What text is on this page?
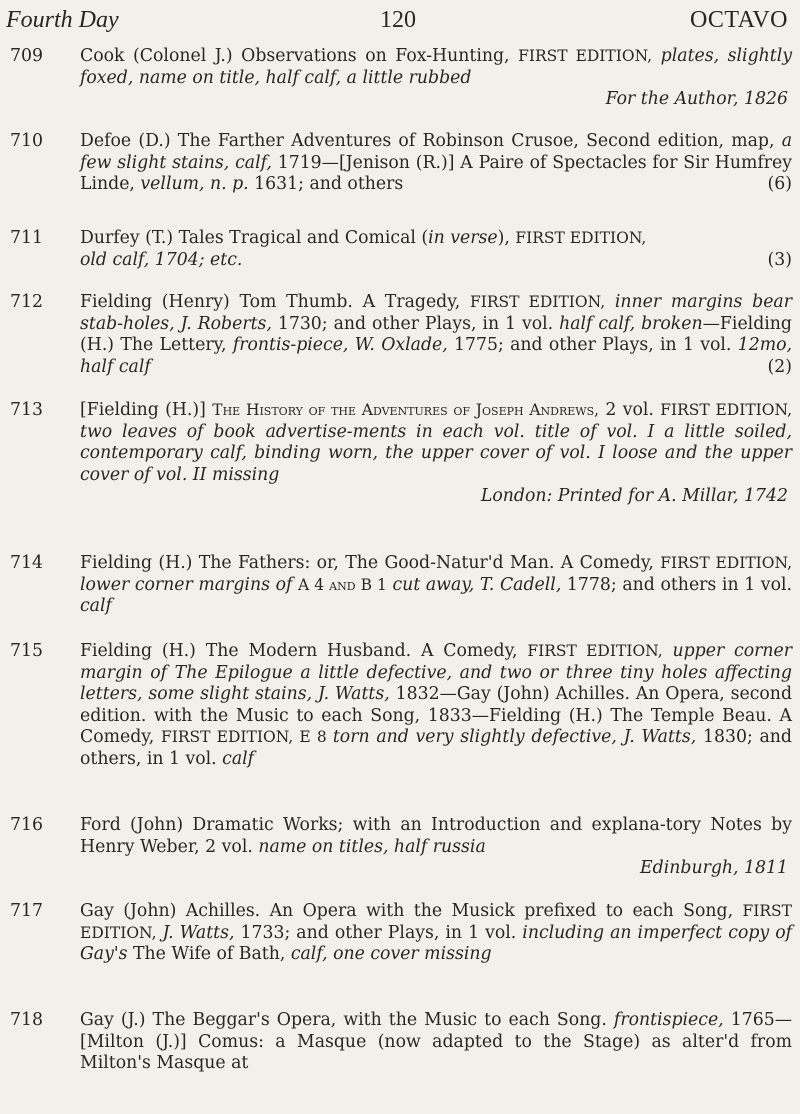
Fourth Day	120	OCTAVO
709	Cook (Colonel J.) Observations on Fox-Hunting, FIRST EDITION, plates, slightly foxed, name on title, half calf, a little rubbed
For the Author, 1826
710	Defoe (D.) The Farther Adventures of Robinson Crusoe, Second edition, map, a few slight stains, calf, 1719—[Jenison (R.)] A Paire of Spectacles for Sir Humfrey Linde, vellum, n. p. 1631; and others	(6)
711	Durfey (T.) Tales Tragical and Comical (in verse), FIRST EDITION,
old calf, 1704; etc.	(3)
712	Fielding (Henry) Tom Thumb. A Tragedy, FIRST EDITION, inner margins bear stab-holes, J. Roberts, 1730; and other Plays, in 1 vol. half calf, broken—Fielding (H.) The Lettery, frontis-piece, W. Oxlade, 1775; and other Plays, in 1 vol. 12mo, half calf	(2)
713	[Fielding (H.)] The History of the Adventures of Joseph Andrews, 2 vol. FIRST EDITION, two leaves of book advertise-ments in each vol. title of vol. I a little soiled, contemporary calf, binding worn, the upper cover of vol. I loose and the upper cover of vol. II missing
London: Printed for A. Millar, 1742
714	Fielding (H.) The Fathers: or, The Good-Natur'd Man. A Comedy, FIRST EDITION, lower corner margins of A 4 and B 1 cut away, T. Cadell, 1778; and others in 1 vol. calf
715	Fielding (H.) The Modern Husband. A Comedy, FIRST EDITION, upper corner margin of The Epilogue a little defective, and two or three tiny holes affecting letters, some slight stains, J. Watts, 1832—Gay (John) Achilles. An Opera, second edition. with the Music to each Song, 1833—Fielding (H.) The Temple Beau. A Comedy, FIRST EDITION, E 8 torn and very slightly defective, J. Watts, 1830; and others, in 1 vol. calf
716	Ford (John) Dramatic Works; with an Introduction and explana-tory Notes by Henry Weber, 2 vol. name on titles, half russia
Edinburgh, 1811
717	Gay (John) Achilles. An Opera with the Musick prefixed to each Song, FIRST EDITION, J. Watts, 1733; and other Plays, in 1 vol. including an imperfect copy of Gay's The Wife of Bath, calf, one cover missing
718	Gay (J.) The Beggar's Opera, with the Music to each Song. frontispiece, 1765—[Milton (J.)] Comus: a Masque (now adapted to the Stage) as alter'd from Milton's Masque at
